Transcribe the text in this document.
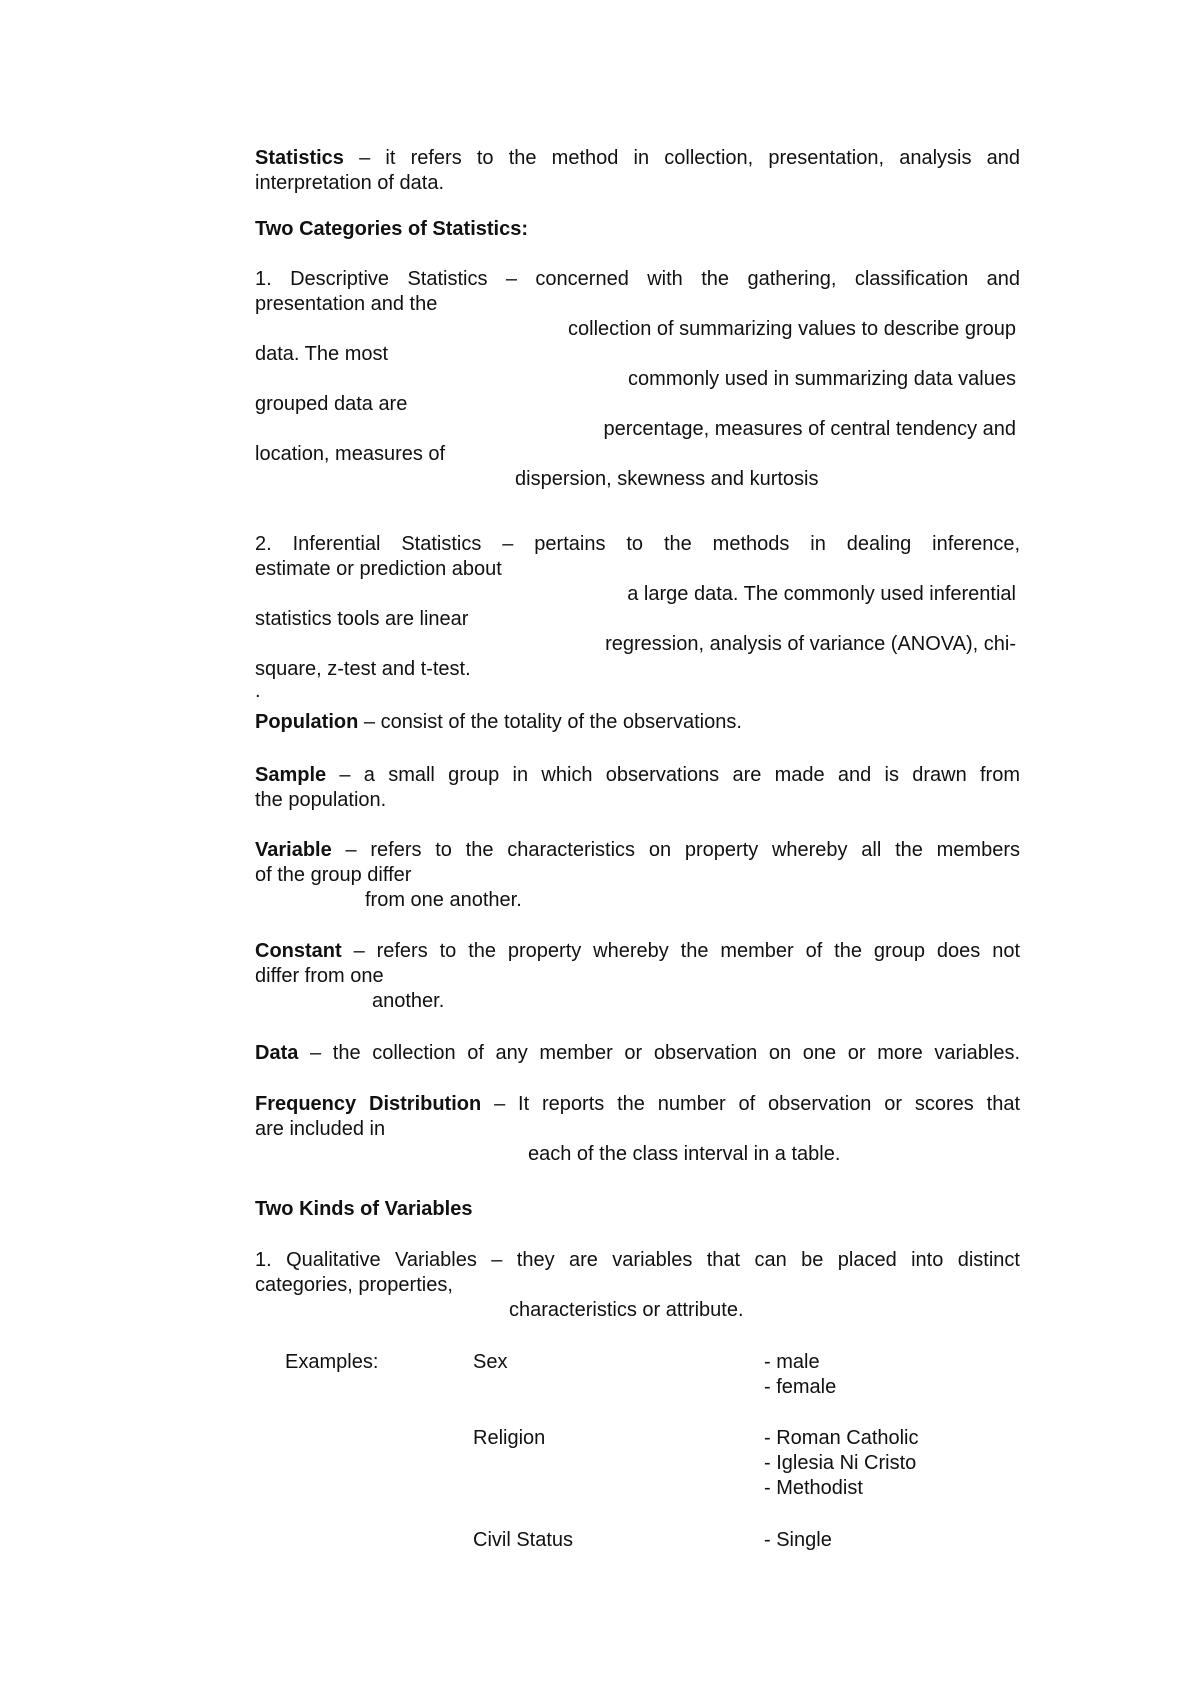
Statistics – it refers to the method in collection, presentation, analysis and
interpretation of data.
Two Categories of Statistics:
1. Descriptive Statistics – concerned with the gathering, classification and
presentation and the
collection of summarizing values to describe group
data. The most
commonly used in summarizing data values
grouped data are
percentage, measures of central tendency and
location, measures of
dispersion, skewness and kurtosis
2. Inferential Statistics – pertains to the methods in dealing inference,
estimate or prediction about
a large data. The commonly used inferential
statistics tools are linear
regression, analysis of variance (ANOVA), chi-
square, z-test and t-test.
.
Population – consist of the totality of the observations.
Sample – a small group in which observations are made and is drawn from
the population.
Variable – refers to the characteristics on property whereby all the members
of the group differ
from one another.
Constant – refers to the property whereby the member of the group does not
differ from one
another.
Data – the collection of any member or observation on one or more variables.
Frequency Distribution – It reports the number of observation or scores that
are included in
each of the class interval in a table.
Two Kinds of Variables
1. Qualitative Variables – they are variables that can be placed into distinct
categories, properties,
characteristics or attribute.
Examples:	Sex	- male
- female
Religion	- Roman Catholic
- Iglesia Ni Cristo
- Methodist
Civil Status	- Single
